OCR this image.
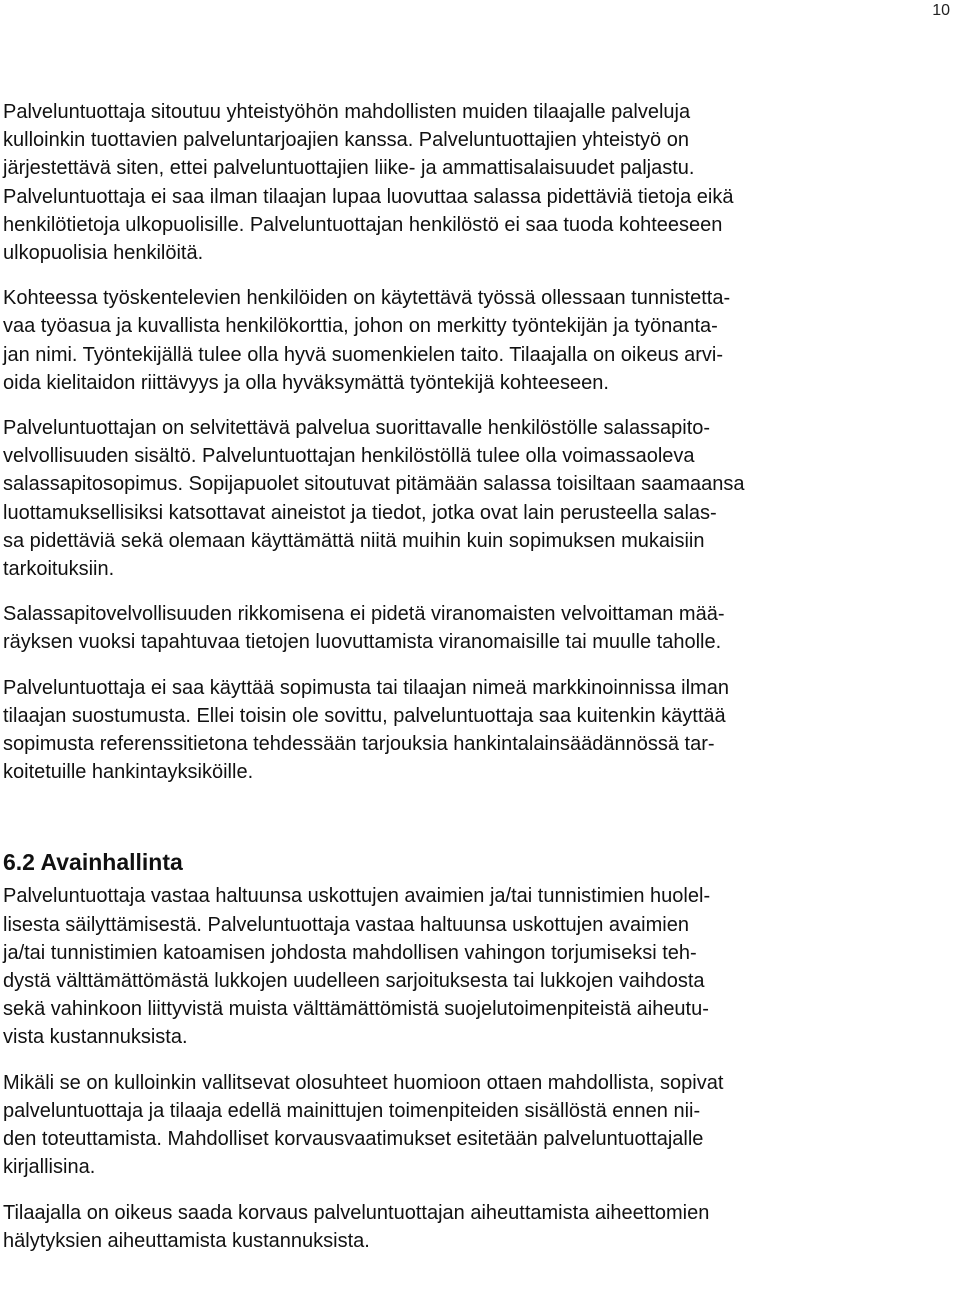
10

Palveluntuottaja sitoutuu yhteistyöhön mahdollisten muiden tilaajalle palveluja
kulloinkin tuottavien palveluntarjoajien kanssa. Palveluntuottajien yhteistyö on
järjestettävä siten, ettei palveluntuottajien liike- ja ammattisalaisuudet paljastu.
Palveluntuottaja ei saa ilman tilaajan lupaa luovuttaa salassa pidettäviä tietoja eikä
henkilötietoja ulkopuolisille. Palveluntuottajan henkilöstö ei saa tuoda kohteeseen
ulkopuolisia henkilöitä.

Kohteessa työskentelevien henkilöiden on käytettävä työssä ollessaan tunnistetta-
vaa työasua ja kuvallista henkilökorttia, johon on merkitty työntekijän ja työnanta-
jan nimi. Työntekijällä tulee olla hyvä suomenkielen taito. Tilaajalla on oikeus arvi-
oida kielitaidon riittävyys ja olla hyväksymättä työntekijä kohteeseen.

Palveluntuottajan on selvitettävä palvelua suorittavalle henkilöstölle salassapito-
velvollisuuden sisältö. Palveluntuottajan henkilöstöllä tulee olla voimassaoleva
salassapitosopimus. Sopijapuolet sitoutuvat pitämään salassa toisiltaan saamaansa
luottamuksellisiksi katsottavat aineistot ja tiedot, jotka ovat lain perusteella salas-
sa pidettäviä sekä olemaan käyttämättä niitä muihin kuin sopimuksen mukaisiin
tarkoituksiin.

Salassapitovelvollisuuden rikkomisena ei pidetä viranomaisten velvoittaman mää-
räyksen vuoksi tapahtuvaa tietojen luovuttamista viranomaisille tai muulle taholle.

Palveluntuottaja ei saa käyttää sopimusta tai tilaajan nimeä markkinoinnissa ilman
tilaajan suostumusta. Ellei toisin ole sovittu, palveluntuottaja saa kuitenkin käyttää
sopimusta referenssitietona tehdessään tarjouksia hankintalainsäädännössä tar-
koitetuille hankintayksiköille.

6.2 Avainhallinta

Palveluntuottaja vastaa haltuunsa uskottujen avaimien ja/tai tunnistimien huolel-
lisesta säilyttämisestä. Palveluntuottaja vastaa haltuunsa uskottujen avaimien
ja/tai tunnistimien katoamisen johdosta mahdollisen vahingon torjumiseksi teh-
dystä välttämättömästä lukkojen uudelleen sarjoituksesta tai lukkojen vaihdosta
sekä vahinkoon liittyvistä muista välttämättömistä suojelutoimenpiteistä aiheutu-
vista kustannuksista.

Mikäli se on kulloinkin vallitsevat olosuhteet huomioon ottaen mahdollista, sopivat
palveluntuottaja ja tilaaja edellä mainittujen toimenpiteiden sisällöstä ennen nii-
den toteuttamista. Mahdolliset korvausvaatimukset esitetään palveluntuottajalle
kirjallisina.

Tilaajalla on oikeus saada korvaus palveluntuottajan aiheuttamista aiheettomien
hälytyksien aiheuttamista kustannuksista.
